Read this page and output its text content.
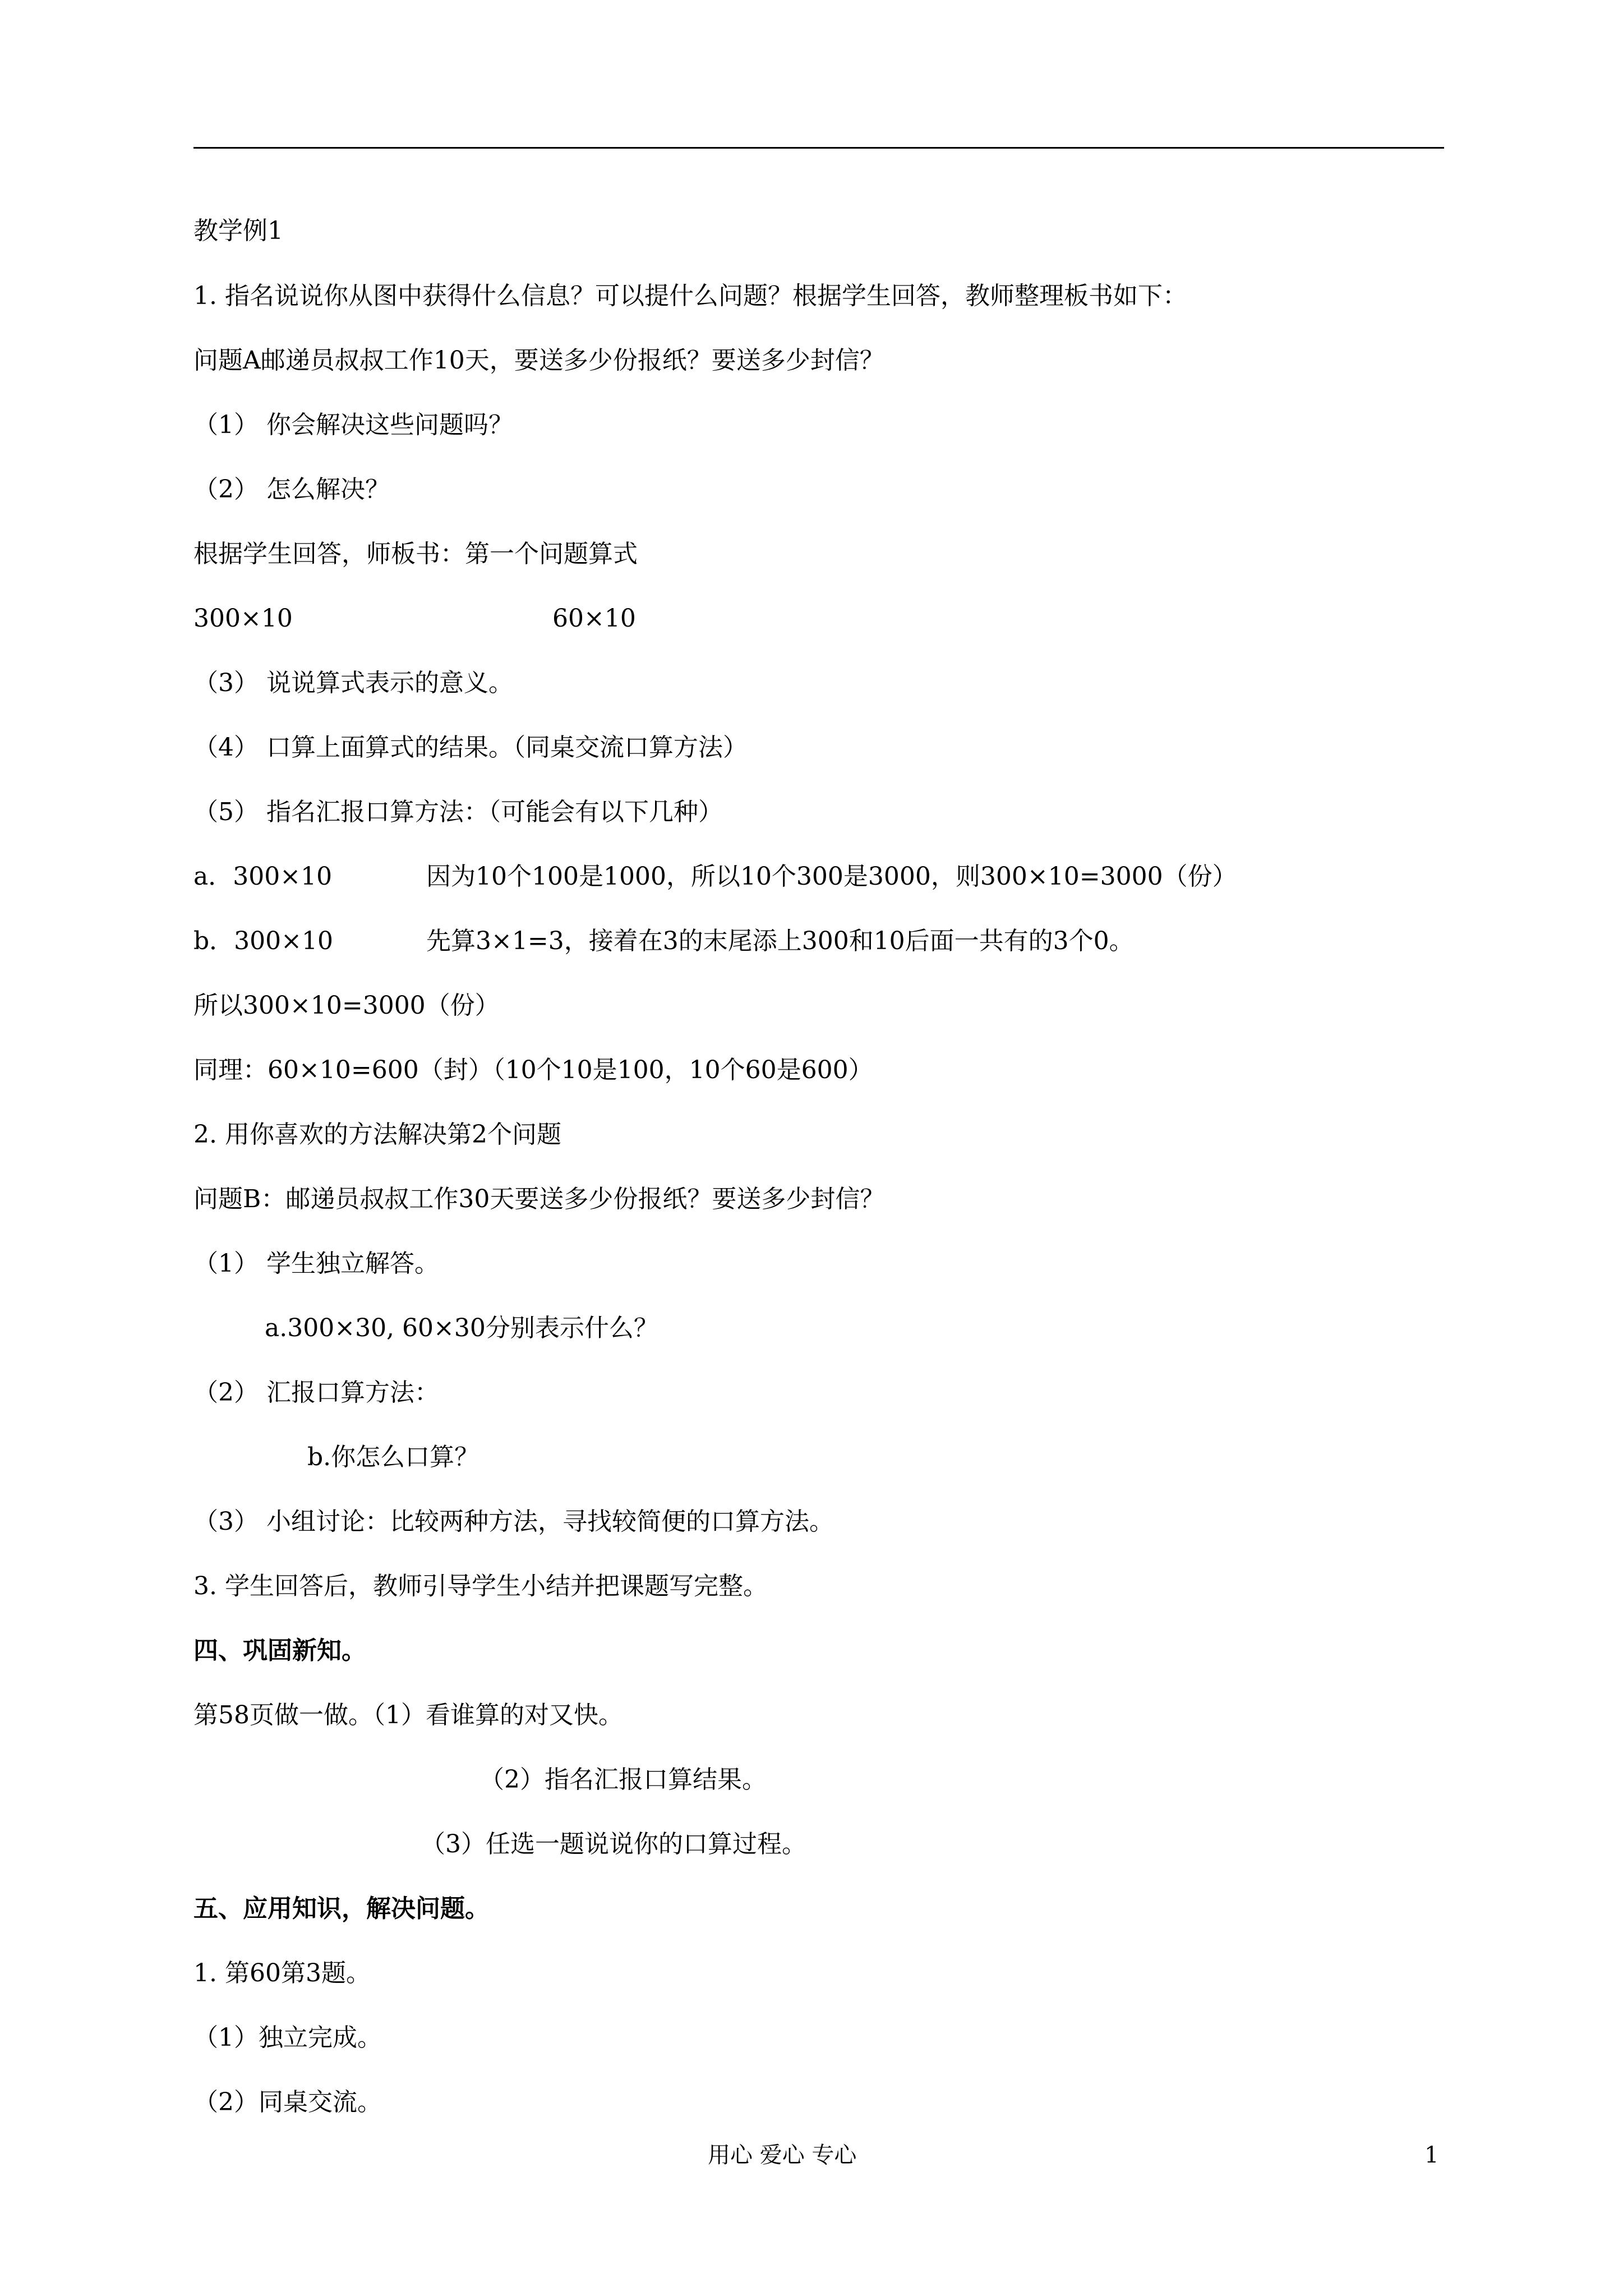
教学例1
1. 指名说说你从图中获得什么信息？可以提什么问题？根据学生回答，教师整理板书如下：
问题A邮递员叔叔工作10天，要送多少份报纸？要送多少封信？
（1） 你会解决这些问题吗？
（2） 怎么解决？
根据学生回答，师板书：第一个问题算式
300×10	60×10
（3） 说说算式表示的意义。
（4） 口算上面算式的结果。（同桌交流口算方法）
（5） 指名汇报口算方法：（可能会有以下几种）
a．300×10	因为10个100是1000，所以10个300是3000，则300×10=3000（份）
b．300×10	先算3×1=3，接着在3的末尾添上300和10后面一共有的3个0。
所以300×10=3000（份）
同理：60×10=600（封）（10个10是100，10个60是600）
2. 用你喜欢的方法解决第2个问题
问题B：邮递员叔叔工作30天要送多少份报纸？要送多少封信？
（1） 学生独立解答。
a.300×30, 60×30分别表示什么？
（2） 汇报口算方法：
b.你怎么口算？
（3） 小组讨论：比较两种方法，寻找较简便的口算方法。
3. 学生回答后，教师引导学生小结并把课题写完整。
四、巩固新知。
第58页做一做。（1）看谁算的对又快。
（2）指名汇报口算结果。
（3）任选一题说说你的口算过程。
五、应用知识，解决问题。
1. 第60第3题。
（1）独立完成。
（2）同桌交流。
用心 爱心 专心	1
